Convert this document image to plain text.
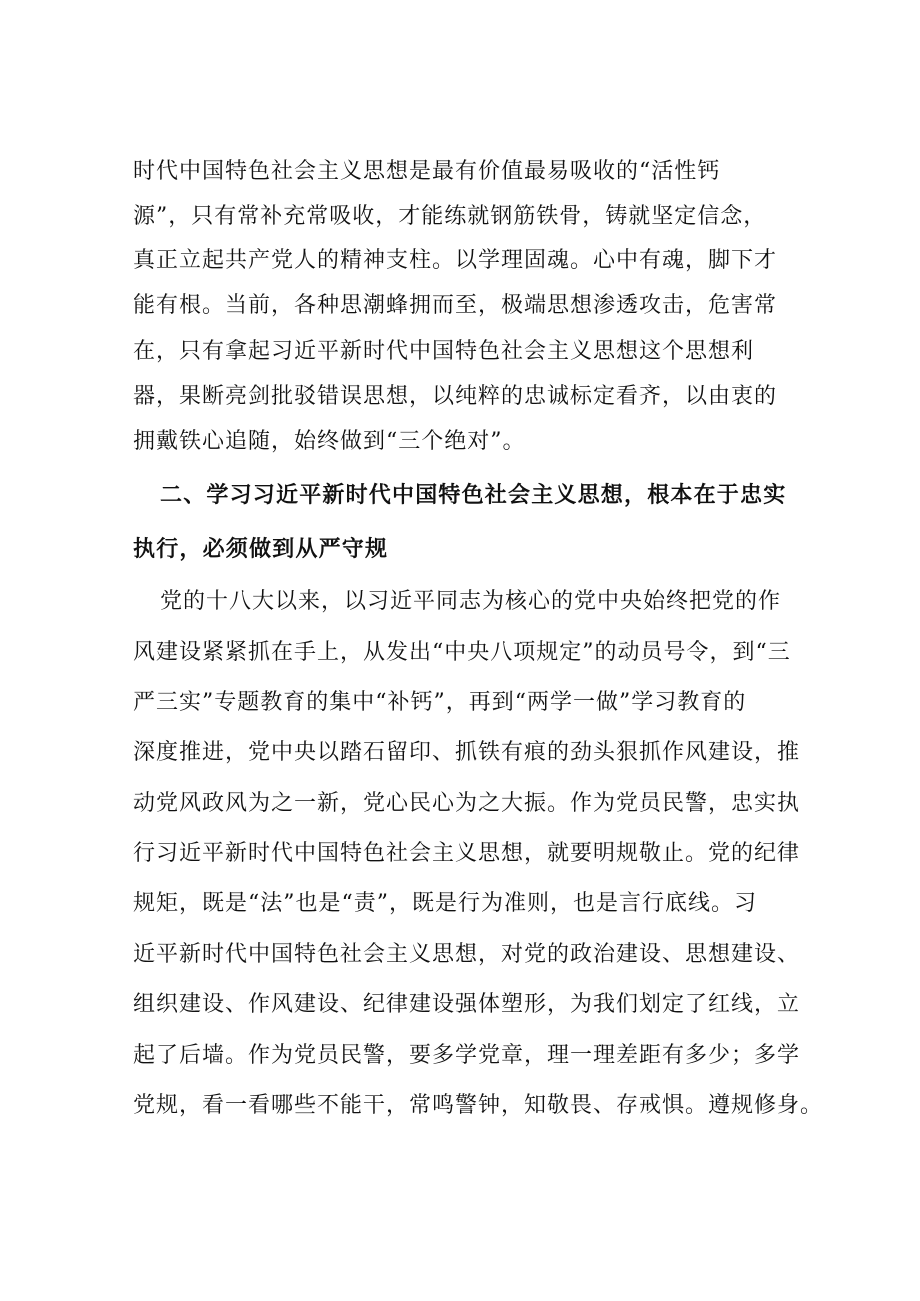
时代中国特色社会主义思想是最有价值最易吸收的“活性钙
源”，只有常补充常吸收，才能练就钢筋铁骨，铸就坚定信念，
真正立起共产党人的精神支柱。以学理固魂。心中有魂，脚下才
能有根。当前，各种思潮蜂拥而至，极端思想渗透攻击，危害常
在，只有拿起习近平新时代中国特色社会主义思想这个思想利
器，果断亮剑批驳错误思想，以纯粹的忠诚标定看齐，以由衷的
拥戴铁心追随，始终做到“三个绝对”。
二、学习习近平新时代中国特色社会主义思想，根本在于忠实
执行，必须做到从严守规
党的十八大以来，以习近平同志为核心的党中央始终把党的作
风建设紧紧抓在手上，从发出“中央八项规定”的动员号令，到“三
严三实”专题教育的集中“补钙”，再到“两学一做”学习教育的
深度推进，党中央以踏石留印、抓铁有痕的劲头狠抓作风建设，推
动党风政风为之一新，党心民心为之大振。作为党员民警，忠实执
行习近平新时代中国特色社会主义思想，就要明规敬止。党的纪律
规矩，既是“法”也是“责”，既是行为准则，也是言行底线。习
近平新时代中国特色社会主义思想，对党的政治建设、思想建设、
组织建设、作风建设、纪律建设强体塑形，为我们划定了红线，立
起了后墙。作为党员民警，要多学党章，理一理差距有多少；多学
党规，看一看哪些不能干，常鸣警钟，知敬畏、存戒惧。遵规修身。
